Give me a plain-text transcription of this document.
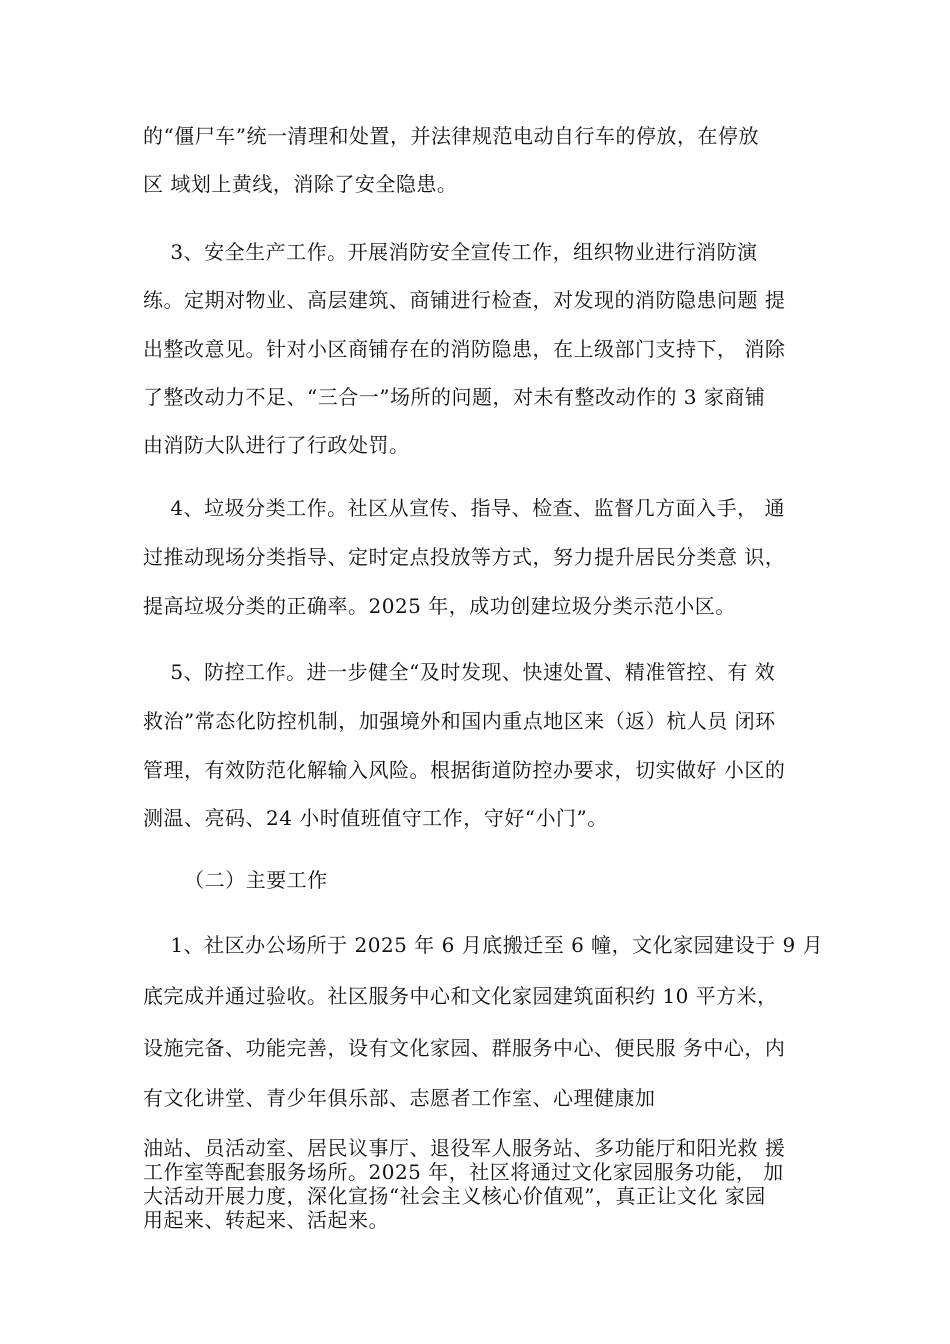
的“僵尸车”统一清理和处置，并法律规范电动自行车的停放，在停放
区 域划上黄线，消除了安全隐患。
3、安全生产工作。开展消防安全宣传工作，组织物业进行消防演
练。定期对物业、高层建筑、商铺进行检查，对发现的消防隐患问题 提
出整改意见。针对小区商铺存在的消防隐患，在上级部门支持下， 消除
了整改动力不足、“三合一”场所的问题，对未有整改动作的 3 家商铺
由消防大队进行了行政处罚。
4、垃圾分类工作。社区从宣传、指导、检查、监督几方面入手， 通
过推动现场分类指导、定时定点投放等方式，努力提升居民分类意 识，
提高垃圾分类的正确率。2025 年，成功创建垃圾分类示范小区。
5、防控工作。进一步健全“及时发现、快速处置、精准管控、有 效
救治”常态化防控机制，加强境外和国内重点地区来（返）杭人员 闭环
管理，有效防范化解输入风险。根据街道防控办要求，切实做好 小区的
测温、亮码、24 小时值班值守工作，守好“小门”。
（二）主要工作
1、社区办公场所于 2025 年 6 月底搬迁至 6 幢，文化家园建设于 9 月
底完成并通过验收。社区服务中心和文化家园建筑面积约 10 平方米，
设施完备、功能完善，设有文化家园、群服务中心、便民服 务中心，内
有文化讲堂、青少年俱乐部、志愿者工作室、心理健康加
油站、员活动室、居民议事厅、退役军人服务站、多功能厅和阳光救 援
工作室等配套服务场所。2025 年，社区将通过文化家园服务功能， 加
大活动开展力度，深化宣扬“社会主义核心价值观”，真正让文化 家园
用起来、转起来、活起来。
